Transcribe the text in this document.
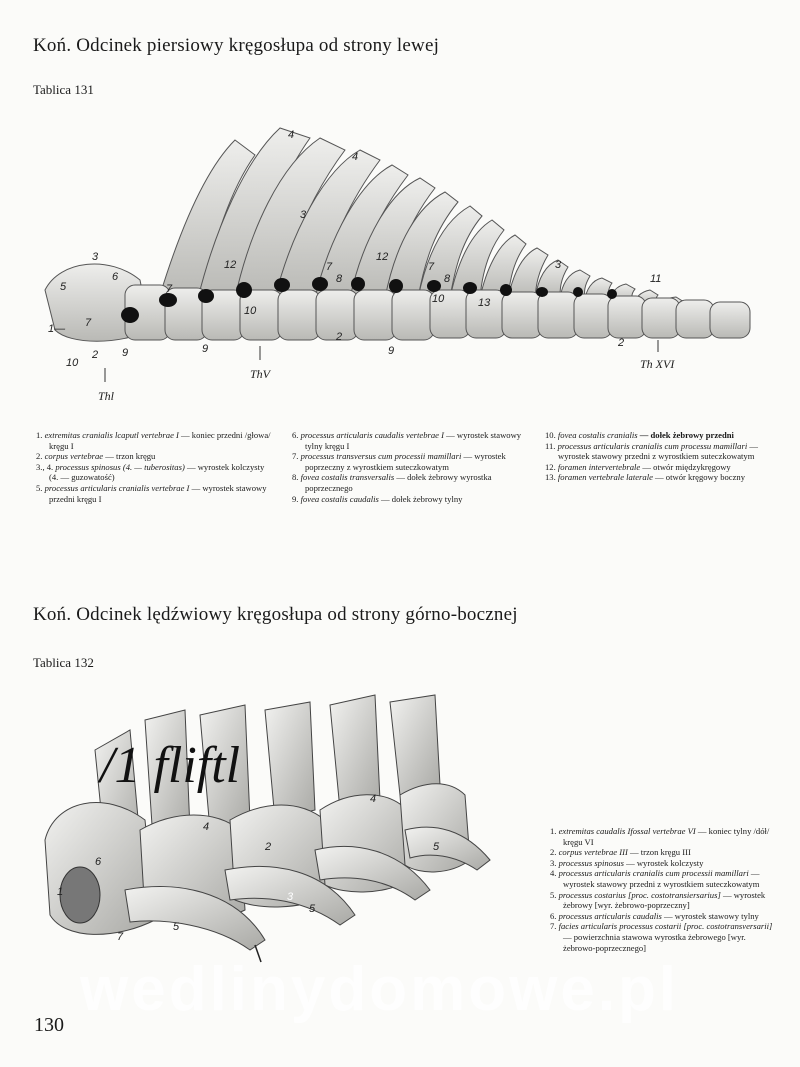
Koń. Odcinek piersiowy kręgosłupa od strony lewej
Tablica 131
4
4
3
3
5
6
7
1— 7
10
2 9	9
12
10
7
8
12
2
9
7
8
10	13
3
11
2
Thl
ThV
Th XVI
1. extremitas cranialis lcaputl vertebrae I — koniec przedni /głowa/ kręgu I
2. corpus vertebrae — trzon kręgu
3., 4. processus spinosus (4. — tuberositas) — wyrostek kolczysty (4. — guzowatość)
5. processus articularis cranialis vertebrae I — wyrostek stawowy przedni kręgu I
6. processus articularis caudalis vertebrae I — wyrostek stawowy tylny kręgu I
7. processus transversus cum processii mamillari — wyrostek poprzeczny z wyrostkiem suteczkowatym
8. fovea costalis transversalis — dołek żebrowy wyrostka poprzecznego
9. fovea costalis caudalis — dołek żebrowy tylny
10. fovea costalis cranialis — dołek żebrowy przedni
11. processus articularis cranialis cum processu mamillari — wyrostek stawowy przedni z wyrostkiem suteczkowatym
12. foramen intervertebrale — otwór międzykręgowy
13. foramen vertebrale laterale — otwór kręgowy boczny
Koń. Odcinek lędźwiowy kręgosłupa od strony górno-bocznej
Tablica 132
1
6
4
2
4
5
5
7
5
3
/1 fliftl
1. extremitas caudalis Ifossal vertebrae VI — koniec tylny /dół/ kręgu VI
2. corpus vertebrae III — trzon kręgu III
3. processus spinosus — wyrostek kolczysty
4. processus articularis cranialis cum processii mamillari — wyrostek stawowy przedni z wyrostkiem suteczkowatym
5. processus costarius [proc. costotransiersarius] — wyrostek żebrowy [wyr. żebrowo-poprzeczny]
6. processus articularis caudalis — wyrostek stawowy tylny
7. facies articularis processus costarii [proc. costotransversarii] — powierzchnia stawowa wyrostka żebrowego [wyr. żebrowo-poprzecznego]
wedlinydomowe.pl
130
